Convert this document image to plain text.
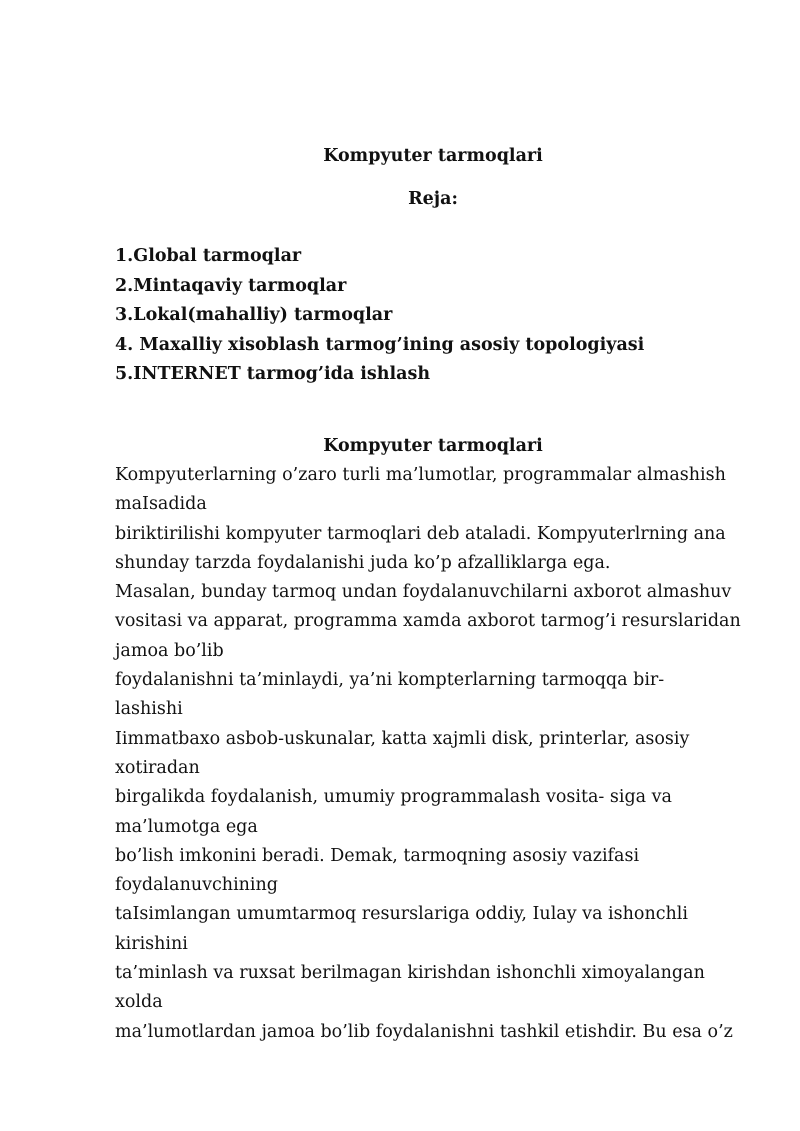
Kompyuter tarmoqlari
Reja:
1.Global tarmoqlar
2.Mintaqaviy tarmoqlar
3.Lokal(mahalliy) tarmoqlar
4. Maxalliy xisoblash tarmog’ining asosiy topologiyasi
5.INTERNET tarmog’ida ishlash
Kompyuter tarmoqlari
Kompyuterlarning o’zaro turli ma’lumotlar, programmalar almashish
maIsadida
biriktirilishi kompyuter tarmoqlari deb ataladi. Kompyuterlrning ana
shunday tarzda foydalanishi juda ko’p afzalliklarga ega.
Masalan, bunday tarmoq undan foydalanuvchilarni axborot almashuv
vositasi va apparat, programma xamda axborot tarmog’i resurslaridan
jamoa bo’lib
foydalanishni ta’minlaydi, ya’ni kompterlarning tarmoqqa bir-
lashishi
Iimmatbaxo asbob-uskunalar, katta xajmli disk, printerlar, asosiy
xotiradan
birgalikda foydalanish, umumiy programmalash vosita- siga va
ma’lumotga ega
bo’lish imkonini beradi. Demak, tarmoqning asosiy vazifasi
foydalanuvchining
taIsimlangan umumtarmoq resurslariga oddiy, Iulay va ishonchli
kirishini
ta’minlash va ruxsat berilmagan kirishdan ishonchli ximoyalangan
xolda
ma’lumotlardan jamoa bo’lib foydalanishni tashkil etishdir. Bu esa o’z
